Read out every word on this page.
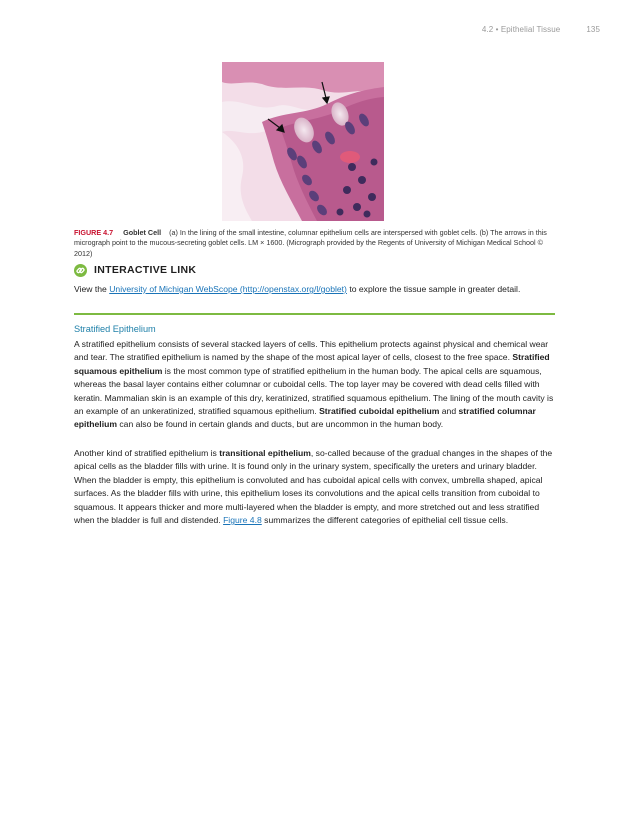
4.2 • Epithelial Tissue	135
FIGURE 4.7 Goblet Cell (a) In the lining of the small intestine, columnar epithelium cells are interspersed with goblet cells. (b) The arrows in this micrograph point to the mucous-secreting goblet cells. LM × 1600. (Micrograph provided by the Regents of University of Michigan Medical School © 2012)
INTERACTIVE LINK
View the University of Michigan WebScope (http://openstax.org/l/goblet) to explore the tissue sample in greater detail.
Stratified Epithelium
A stratified epithelium consists of several stacked layers of cells. This epithelium protects against physical and chemical wear and tear. The stratified epithelium is named by the shape of the most apical layer of cells, closest to the free space. Stratified squamous epithelium is the most common type of stratified epithelium in the human body. The apical cells are squamous, whereas the basal layer contains either columnar or cuboidal cells. The top layer may be covered with dead cells filled with keratin. Mammalian skin is an example of this dry, keratinized, stratified squamous epithelium. The lining of the mouth cavity is an example of an unkeratinized, stratified squamous epithelium. Stratified cuboidal epithelium and stratified columnar epithelium can also be found in certain glands and ducts, but are uncommon in the human body.
Another kind of stratified epithelium is transitional epithelium, so-called because of the gradual changes in the shapes of the apical cells as the bladder fills with urine. It is found only in the urinary system, specifically the ureters and urinary bladder. When the bladder is empty, this epithelium is convoluted and has cuboidal apical cells with convex, umbrella shaped, apical surfaces. As the bladder fills with urine, this epithelium loses its convolutions and the apical cells transition from cuboidal to squamous. It appears thicker and more multi-layered when the bladder is empty, and more stretched out and less stratified when the bladder is full and distended. Figure 4.8 summarizes the different categories of epithelial cell tissue cells.
